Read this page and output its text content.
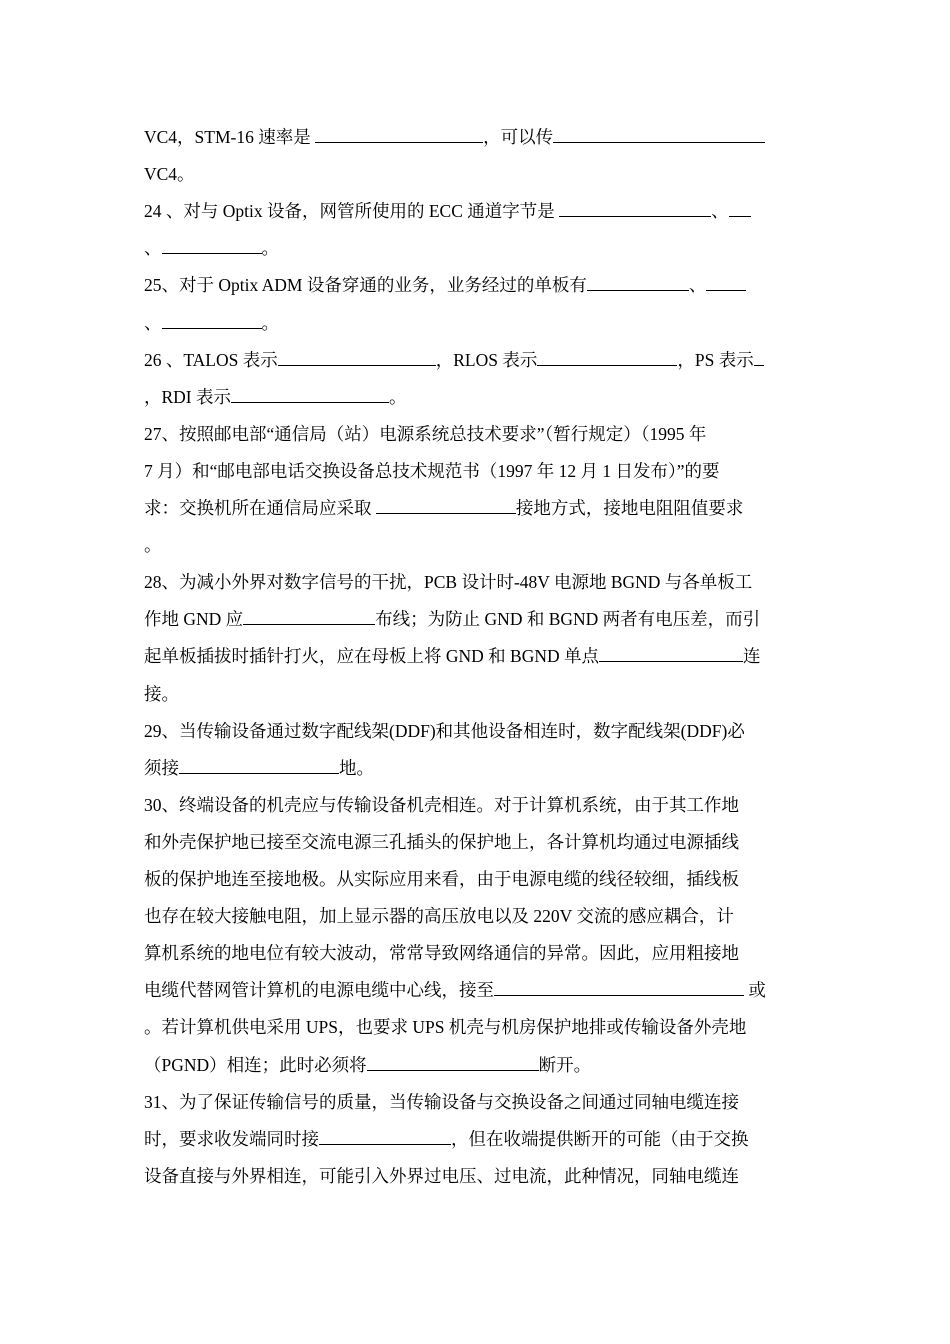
VC4，STM-16 速率是	，可以传
VC4。
24 、对与 Optix 设备，网管所使用的 ECC 通道字节是	、
、	。
25、对于 Optix ADM 设备穿通的业务，业务经过的单板有	、
、	。
26 、TALOS 表示	，RLOS 表示	，PS 表示
，RDI 表示	。
27、按照邮电部“通信局（站）电源系统总技术要求”（暂行规定）（1995 年
7 月）和“邮电部电话交换设备总技术规范书（1997 年 12 月 1 日发布）”的要
求：交换机所在通信局应采取	接地方式，接地电阻阻值要求
。
28、为减小外界对数字信号的干扰，PCB 设计时-48V 电源地 BGND 与各单板工
作地 GND 应	布线；为防止 GND 和 BGND 两者有电压差，而引
起单板插拔时插针打火，应在母板上将 GND 和 BGND 单点	连
接。
29、当传输设备通过数字配线架(DDF)和其他设备相连时，数字配线架(DDF)必
须接	地。
30、终端设备的机壳应与传输设备机壳相连。对于计算机系统，由于其工作地
和外壳保护地已接至交流电源三孔插头的保护地上，各计算机均通过电源插线
板的保护地连至接地极。从实际应用来看，由于电源电缆的线径较细，插线板
也存在较大接触电阻，加上显示器的高压放电以及 220V 交流的感应耦合，计
算机系统的地电位有较大波动，常常导致网络通信的异常。因此，应用粗接地
电缆代替网管计算机的电源电缆中心线，接至	或
。若计算机供电采用 UPS，也要求 UPS 机壳与机房保护地排或传输设备外壳地
（PGND）相连；此时必须将	断开。
31、为了保证传输信号的质量，当传输设备与交换设备之间通过同轴电缆连接
时，要求收发端同时接	，但在收端提供断开的可能（由于交换
设备直接与外界相连，可能引入外界过电压、过电流，此种情况，同轴电缆连
